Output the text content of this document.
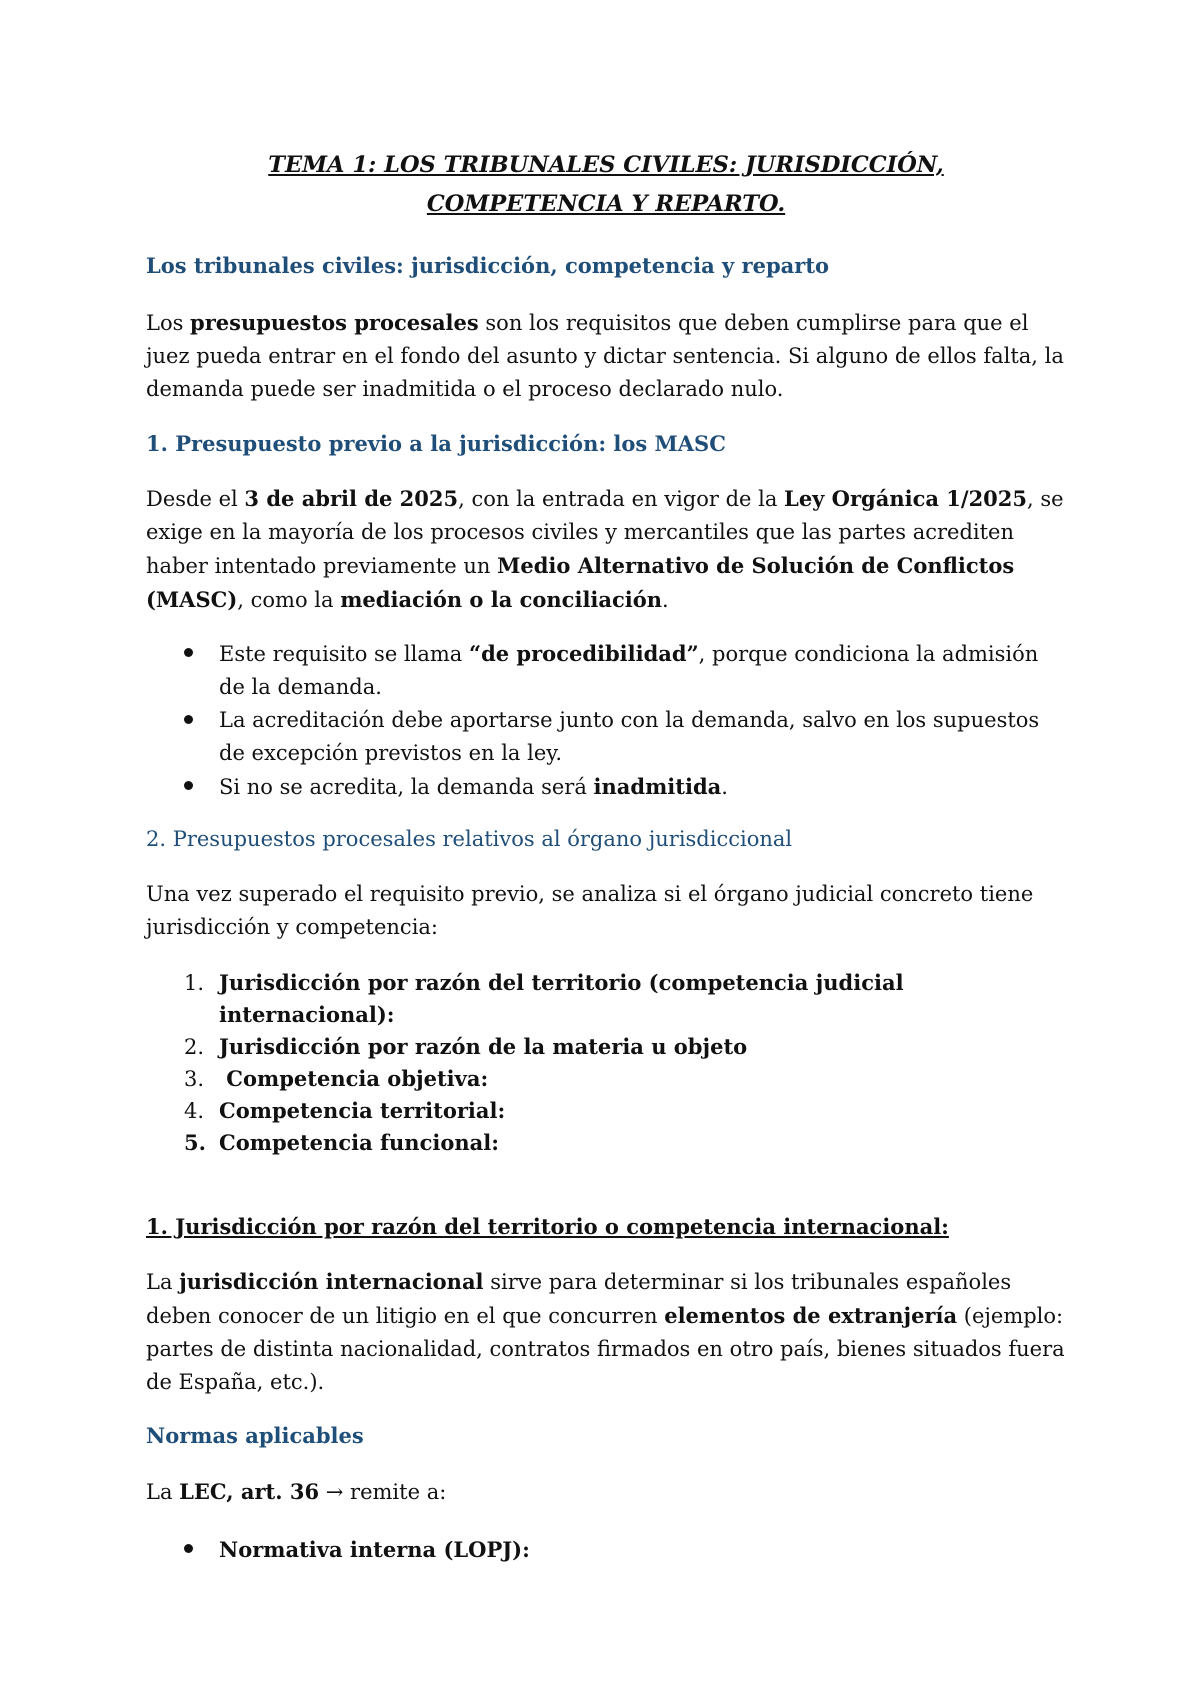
TEMA 1: LOS TRIBUNALES CIVILES: JURISDICCIÓN,
COMPETENCIA Y REPARTO.
Los tribunales civiles: jurisdicción, competencia y reparto

Los presupuestos procesales son los requisitos que deben cumplirse para que el juez pueda entrar en el fondo del asunto y dictar sentencia. Si alguno de ellos falta, la demanda puede ser inadmitida o el proceso declarado nulo.

1. Presupuesto previo a la jurisdicción: los MASC

Desde el 3 de abril de 2025, con la entrada en vigor de la Ley Orgánica 1/2025, se exige en la mayoría de los procesos civiles y mercantiles que las partes acrediten haber intentado previamente un Medio Alternativo de Solución de Conflictos (MASC), como la mediación o la conciliación.

Este requisito se llama “de procedibilidad”, porque condiciona la admisión de la demanda.
La acreditación debe aportarse junto con la demanda, salvo en los supuestos de excepción previstos en la ley.
Si no se acredita, la demanda será inadmitida.
2. Presupuestos procesales relativos al órgano jurisdiccional

Una vez superado el requisito previo, se analiza si el órgano judicial concreto tiene jurisdicción y competencia:

1. Jurisdicción por razón del territorio (competencia judicial internacional):
2. Jurisdicción por razón de la materia u objeto
3. Competencia objetiva:
4. Competencia territorial:
5. Competencia funcional:

1. Jurisdicción por razón del territorio o competencia internacional:

La jurisdicción internacional sirve para determinar si los tribunales españoles deben conocer de un litigio en el que concurren elementos de extranjería (ejemplo: partes de distinta nacionalidad, contratos firmados en otro país, bienes situados fuera de España, etc.).

Normas aplicables

La LEC, art. 36 → remite a:

Normativa interna (LOPJ):
